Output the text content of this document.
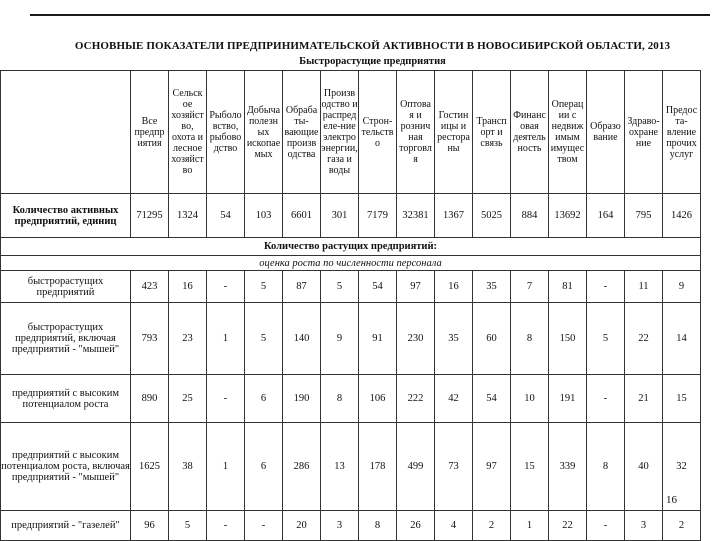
ОСНОВНЫЕ ПОКАЗАТЕЛИ ПРЕДПРИНИМАТЕЛЬСКОЙ АКТИВНОСТИ В НОВОСИБИРСКОЙ ОБЛАСТИ, 2013
Быстрорастущие предприятия
	Все предпр иятия	Сельск ое хозяйст во, охота и лесное хозяйст во	Рыболо вство, рыбово дство	Добыча полезн ых ископае мых	Обраба ты- вающие произв одства	Произв одство и распред еле-ние электро энергии, газа и воды	Строн- тельств о	Оптова я и рознич ная торговл я	Гостин ицы и рестора ны	Трансп орт и связь	Финанс овая деятель ность	Операц ии с недвиж имым имущес твом	Образо вание	Здраво- охране ние	Предос та- вление прочих услуг
Количество активных предприятий, единиц	71295	1324	54	103	6601	301	7179	32381	1367	5025	884	13692	164	795	1426
Количество растущих предприятий:															
оценка роста по численности персонала															
быстрорастущих предприятий	423	16	-	5	87	5	54	97	16	35	7	81	-	11	9
быстрорастущих предприятий, включая предприятий - "мышей"	793	23	1	5	140	9	91	230	35	60	8	150	5	22	14
предприятий с высоким потенциалом роста	890	25	-	6	190	8	106	222	42	54	10	191	-	21	15
предприятий с высоким потенциалом роста, включая предприятий - "мышей"	1625	38	1	6	286	13	178	499	73	97	15	339	8	40	32
предприятий - "газелей"	96	5	-	-	20	3	8	26	4	2	1	22	-	3	2
16
